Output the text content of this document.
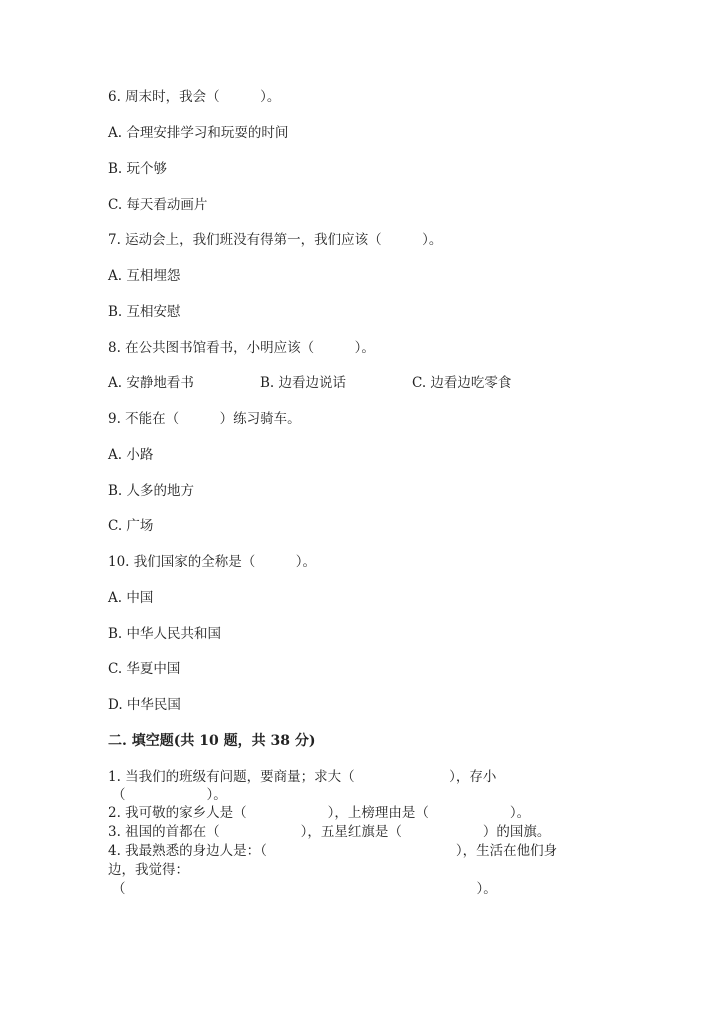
6. 周末时，我会（　　　）。
A. 合理安排学习和玩耍的时间
B. 玩个够
C. 每天看动画片
7. 运动会上，我们班没有得第一，我们应该（　　　）。
A. 互相埋怨
B. 互相安慰
8. 在公共图书馆看书，小明应该（　　　）。
A. 安静地看书	B. 边看边说话	C. 边看边吃零食
9. 不能在（　　　）练习骑车。
A. 小路
B. 人多的地方
C. 广场
10. 我们国家的全称是（　　　）。
A. 中国
B. 中华人民共和国
C. 华夏中国
D. 中华民国
二. 填空题(共 10 题，共 38 分)
1. 当我们的班级有问题，要商量；求大（　　　　　　　），存小
（　　　　　　）。
2. 我可敬的家乡人是（　　　　　　），上榜理由是（　　　　　　）。
3. 祖国的首都在（　　　　　　），五星红旗是（　　　　　　）的国旗。
4. 我最熟悉的身边人是：（　　　　　　　　　　　　　　），生活在他们身
边，我觉得：
（　　　　　　　　　　　　　　　　　　　　　　　　　　）。
